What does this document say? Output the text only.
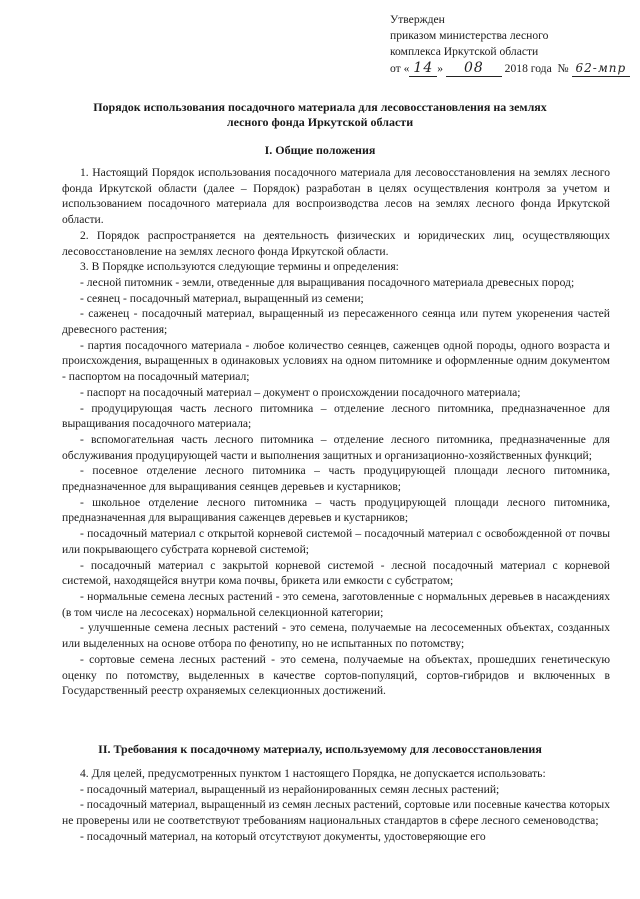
Утвержден
приказом министерства лесного
комплекса Иркутской области
от « 14 » 08 2018 года № 62-мпр
Порядок использования посадочного материала для лесовосстановления на землях
лесного фонда Иркутской области
I. Общие положения

1. Настоящий Порядок использования посадочного материала для лесовосстановления на землях лесного фонда Иркутской области (далее – Порядок) разработан в целях осуществления контроля за учетом и использованием посадочного материала для воспроизводства лесов на землях лесного фонда Иркутской области.

2. Порядок распространяется на деятельность физических и юридических лиц, осуществляющих лесовосстановление на землях лесного фонда Иркутской области.

3. В Порядке используются следующие термины и определения:

- лесной питомник - земли, отведенные для выращивания посадочного материала древесных пород;

- сеянец - посадочный материал, выращенный из семени;

- саженец - посадочный материал, выращенный из пересаженного сеянца или путем укоренения частей древесного растения;

- партия посадочного материала - любое количество сеянцев, саженцев одной породы, одного возраста и происхождения, выращенных в одинаковых условиях на одном питомнике и оформленные одним документом - паспортом на посадочный материал;

- паспорт на посадочный материал – документ о происхождении посадочного материала;

- продуцирующая часть лесного питомника – отделение лесного питомника, предназначенное для выращивания посадочного материала;

- вспомогательная часть лесного питомника – отделение лесного питомника, предназначенные для обслуживания продуцирующей части и выполнения защитных и организационно-хозяйственных функций;

- посевное отделение лесного питомника – часть продуцирующей площади лесного питомника, предназначенное для выращивания сеянцев деревьев и кустарников;

- школьное отделение лесного питомника – часть продуцирующей площади лесного питомника, предназначенная для выращивания саженцев деревьев и кустарников;

- посадочный материал с открытой корневой системой – посадочный материал с освобожденной от почвы или покрывающего субстрата корневой системой;

- посадочный материал с закрытой корневой системой - лесной посадочный материал с корневой системой, находящейся внутри кома почвы, брикета или емкости с субстратом;

- нормальные семена лесных растений - это семена, заготовленные с нормальных деревьев в насаждениях (в том числе на лесосеках) нормальной селекционной категории;

- улучшенные семена лесных растений - это семена, получаемые на лесосеменных объектах, созданных или выделенных на основе отбора по фенотипу, но не испытанных по потомству;

- сортовые семена лесных растений - это семена, получаемые на объектах, прошедших генетическую оценку по потомству, выделенных в качестве сортов-популяций, сортов-гибридов и включенных в Государственный реестр охраняемых селекционных достижений.

II. Требования к посадочному материалу, используемому для лесовосстановления

4. Для целей, предусмотренных пунктом 1 настоящего Порядка, не допускается использовать:

- посадочный материал, выращенный из нерайонированных семян лесных растений;

- посадочный материал, выращенный из семян лесных растений, сортовые или посевные качества которых не проверены или не соответствуют требованиям национальных стандартов в сфере лесного семеноводства;

- посадочный материал, на который отсутствуют документы, удостоверяющие его
